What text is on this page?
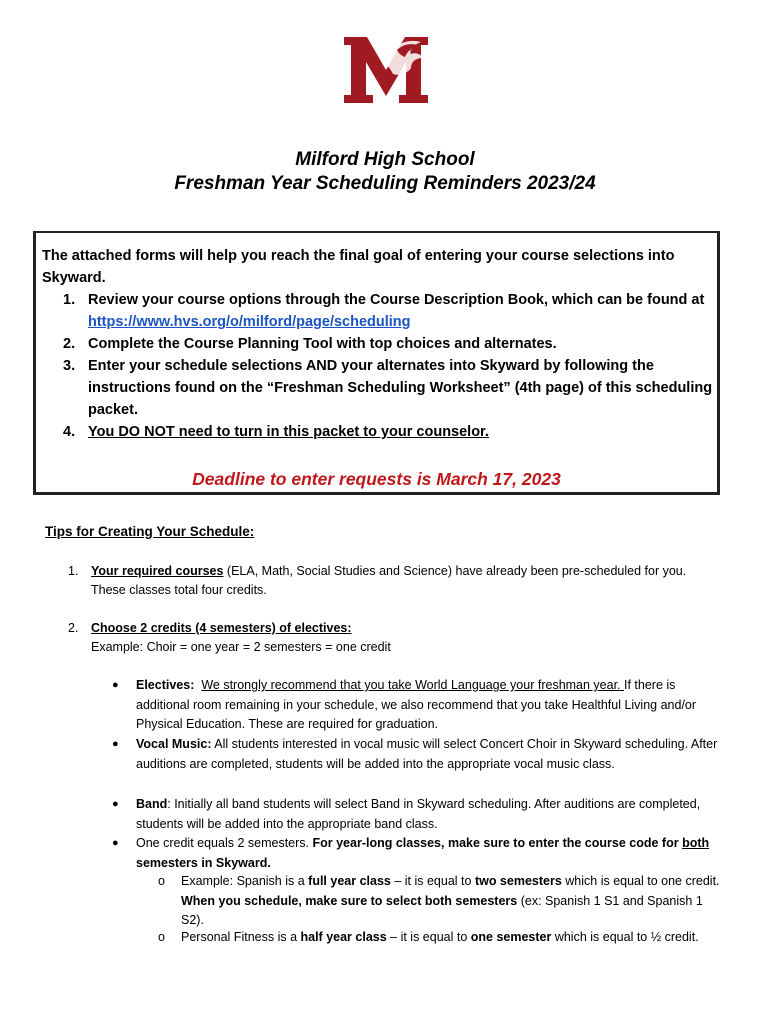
Milford High School
Freshman Year Scheduling Reminders 2023/24
The attached forms will help you reach the final goal of entering your course selections into Skyward.
1. Review your course options through the Course Description Book, which can be found at https://www.hvs.org/o/milford/page/scheduling
2. Complete the Course Planning Tool with top choices and alternates.
3. Enter your schedule selections AND your alternates into Skyward by following the instructions found on the “Freshman Scheduling Worksheet” (4th page) of this scheduling packet.
4. You DO NOT need to turn in this packet to your counselor.
Deadline to enter requests is March 17, 2023
Tips for Creating Your Schedule:
1. Your required courses (ELA, Math, Social Studies and Science) have already been pre-scheduled for you. These classes total four credits.
2. Choose 2 credits (4 semesters) of electives:
Example: Choir = one year = 2 semesters = one credit
● Electives: We strongly recommend that you take World Language your freshman year. If there is additional room remaining in your schedule, we also recommend that you take Healthful Living and/or Physical Education. These are required for graduation.
● Vocal Music: All students interested in vocal music will select Concert Choir in Skyward scheduling. After auditions are completed, students will be added into the appropriate vocal music class.
● Band: Initially all band students will select Band in Skyward scheduling. After auditions are completed, students will be added into the appropriate band class.
● One credit equals 2 semesters. For year-long classes, make sure to enter the course code for both semesters in Skyward.
o Example: Spanish is a full year class – it is equal to two semesters which is equal to one credit. When you schedule, make sure to select both semesters (ex: Spanish 1 S1 and Spanish 1 S2).
o Personal Fitness is a half year class – it is equal to one semester which is equal to ½ credit.
